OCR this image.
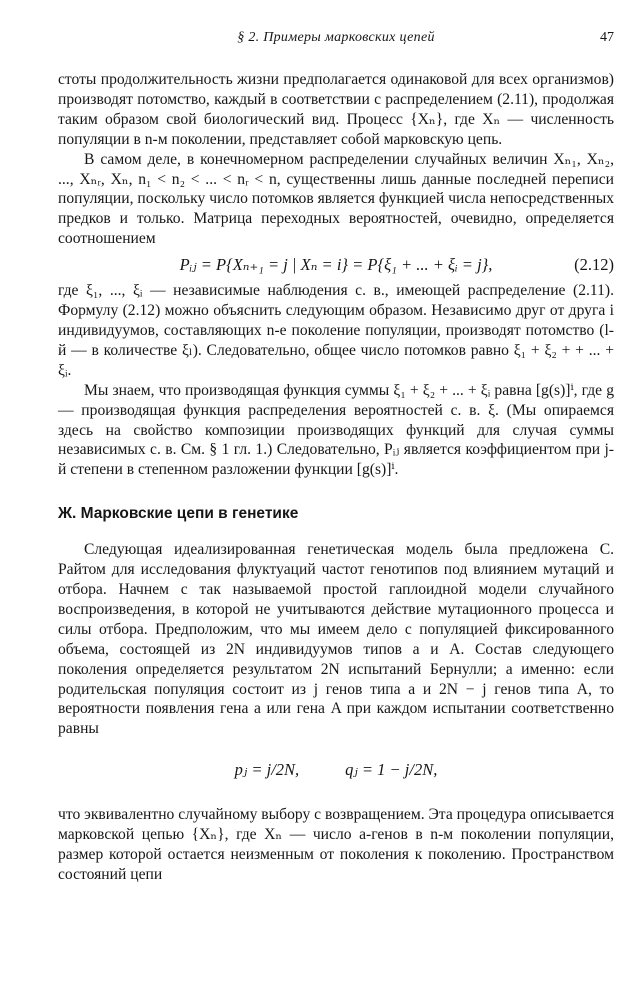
§ 2. Примеры марковских цепей	47

стоты продолжительность жизни предполагается одинаковой для всех организмов) производят потомство, каждый в соответствии с распределением (2.11), продолжая таким образом свой биологический вид. Процесс {Xₙ}, где Xₙ — численность популяции в n-м поколении, представляет собой марковскую цепь.

В самом деле, в конечномерном распределении случайных величин Xₙ₁, Xₙ₂, ..., Xₙᵣ, Xₙ, n₁ < n₂ < ... < nᵣ < n, существенны лишь данные последней переписи популяции, поскольку число потомков является функцией числа непосредственных предков и только. Матрица переходных вероятностей, очевидно, определяется соотношением

Pᵢⱼ = P{Xₙ₊₁ = j | Xₙ = i} = P{ξ₁ + ... + ξᵢ = j},	(2.12)

где ξ₁, ..., ξᵢ — независимые наблюдения с. в., имеющей распределение (2.11). Формулу (2.12) можно объяснить следующим образом. Независимо друг от друга i индивидуумов, составляющих n-е поколение популяции, производят потомство (l-й — в количестве ξₗ). Следовательно, общее число потомков равно ξ₁ + ξ₂ + + ... + ξᵢ.

Мы знаем, что производящая функция суммы ξ₁ + ξ₂ + ... + ξᵢ равна [g(s)]ⁱ, где g — производящая функция распределения вероятностей с. в. ξ. (Мы опираемся здесь на свойство композиции производящих функций для случая суммы независимых с. в. См. § 1 гл. 1.) Следовательно, Pᵢⱼ является коэффициентом при j-й степени в степенном разложении функции [g(s)]ⁱ.

Ж. Марковские цепи в генетике

Следующая идеализированная генетическая модель была предложена С. Райтом для исследования флуктуаций частот генотипов под влиянием мутаций и отбора. Начнем с так называемой простой гаплоидной модели случайного воспроизведения, в которой не учитываются действие мутационного процесса и силы отбора. Предположим, что мы имеем дело с популяцией фиксированного объема, состоящей из 2N индивидуумов типов a и A. Состав следующего поколения определяется результатом 2N испытаний Бернулли; а именно: если родительская популяция состоит из j генов типа a и 2N − j генов типа A, то вероятности появления гена a или гена A при каждом испытании соответственно равны

pⱼ = j/2N,	qⱼ = 1 − j/2N,

что эквивалентно случайному выбору с возвращением. Эта процедура описывается марковской цепью {Xₙ}, где Xₙ — число a-генов в n-м поколении популяции, размер которой остается неизменным от поколения к поколению. Пространством состояний цепи
